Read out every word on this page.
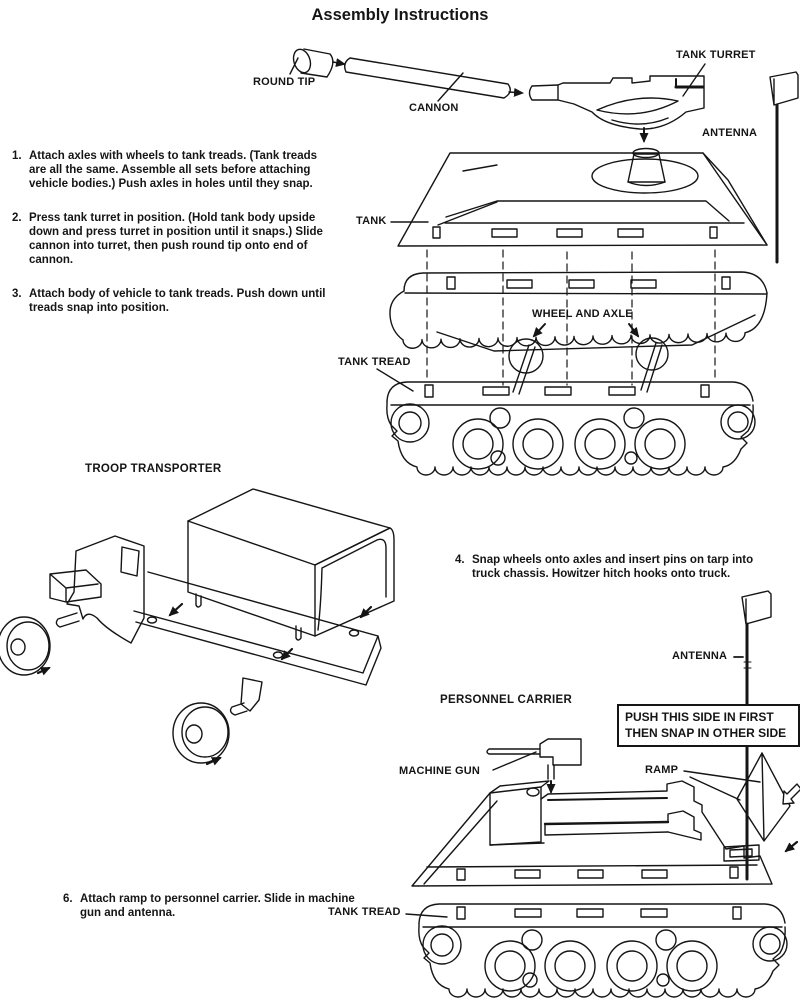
Assembly Instructions
ROUND TIP
CANNON
TANK TURRET
ANTENNA
TANK
WHEEL AND AXLE
TANK TREAD
1. Attach axles with wheels to tank treads. (Tank treads are all the same. Assemble all sets before attaching vehicle bodies.) Push axles in holes until they snap.
2. Press tank turret in position. (Hold tank body upside down and press turret in position until it snaps.) Slide cannon into turret, then push round tip onto end of cannon.
3. Attach body of vehicle to tank treads. Push down until treads snap into position.
TROOP TRANSPORTER
4. Snap wheels onto axles and insert pins on tarp into truck chassis. Howitzer hitch hooks onto truck.
ANTENNA
PERSONNEL CARRIER
PUSH THIS SIDE IN FIRST
THEN SNAP IN OTHER SIDE
MACHINE GUN	RAMP
6. Attach ramp to personnel carrier. Slide in machine gun and antenna.	TANK TREAD
